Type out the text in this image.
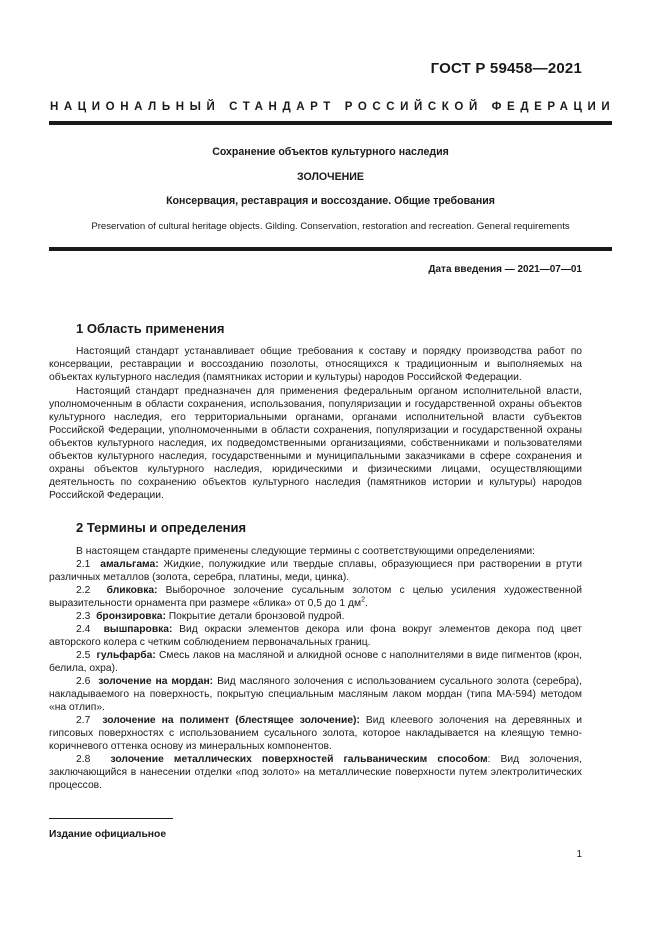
ГОСТ Р 59458—2021
НАЦИОНАЛЬНЫЙ СТАНДАРТ РОССИЙСКОЙ ФЕДЕРАЦИИ
Сохранение объектов культурного наследия
ЗОЛОЧЕНИЕ
Консервация, реставрация и воссоздание. Общие требования
Preservation of cultural heritage objects. Gilding. Conservation, restoration and recreation. General requirements
Дата введения — 2021—07—01
1 Область применения
Настоящий стандарт устанавливает общие требования к составу и порядку производства работ по консервации, реставрации и воссозданию позолоты, относящихся к традиционным и выполняемых на объектах культурного наследия (памятниках истории и культуры) народов Российской Федерации.
Настоящий стандарт предназначен для применения федеральным органом исполнительной власти, уполномоченным в области сохранения, использования, популяризации и государственной охраны объектов культурного наследия, его территориальными органами, органами исполнительной власти субъектов Российской Федерации, уполномоченными в области сохранения, популяризации и государственной охраны объектов культурного наследия, их подведомственными организациями, собственниками и пользователями объектов культурного наследия, государственными и муниципальными заказчиками в сфере сохранения и охраны объектов культурного наследия, юридическими и физическими лицами, осуществляющими деятельность по сохранению объектов культурного наследия (памятников истории и культуры) народов Российской Федерации.
2 Термины и определения
В настоящем стандарте применены следующие термины с соответствующими определениями:
2.1 амальгама: Жидкие, полужидкие или твердые сплавы, образующиеся при растворении в ртути различных металлов (золота, серебра, платины, меди, цинка).
2.2 бликовка: Выборочное золочение сусальным золотом с целью усиления художественной выразительности орнамента при размере «блика» от 0,5 до 1 $дм^2$.
2.3 бронзировка: Покрытие детали бронзовой пудрой.
2.4 вышпаровка: Вид окраски элементов декора или фона вокруг элементов декора под цвет авторского колера с четким соблюдением первоначальных границ.
2.5 гульфарба: Смесь лаков на масляной и алкидной основе с наполнителями в виде пигментов (крон, белила, охра).
2.6 золочение на мордан: Вид масляного золочения с использованием сусального золота (серебра), накладываемого на поверхность, покрытую специальным масляным лаком мордан (типа МА-594) методом «на отлип».
2.7 золочение на полимент (блестящее золочение): Вид клеевого золочения на деревянных и гипсовых поверхностях с использованием сусального золота, которое накладывается на клеящую темно-коричневого оттенка основу из минеральных компонентов.
2.8 золочение металлических поверхностей гальваническим способом: Вид золочения, заключающийся в нанесении отделки «под золото» на металлические поверхности путем электролитических процессов.
Издание официальное
1
